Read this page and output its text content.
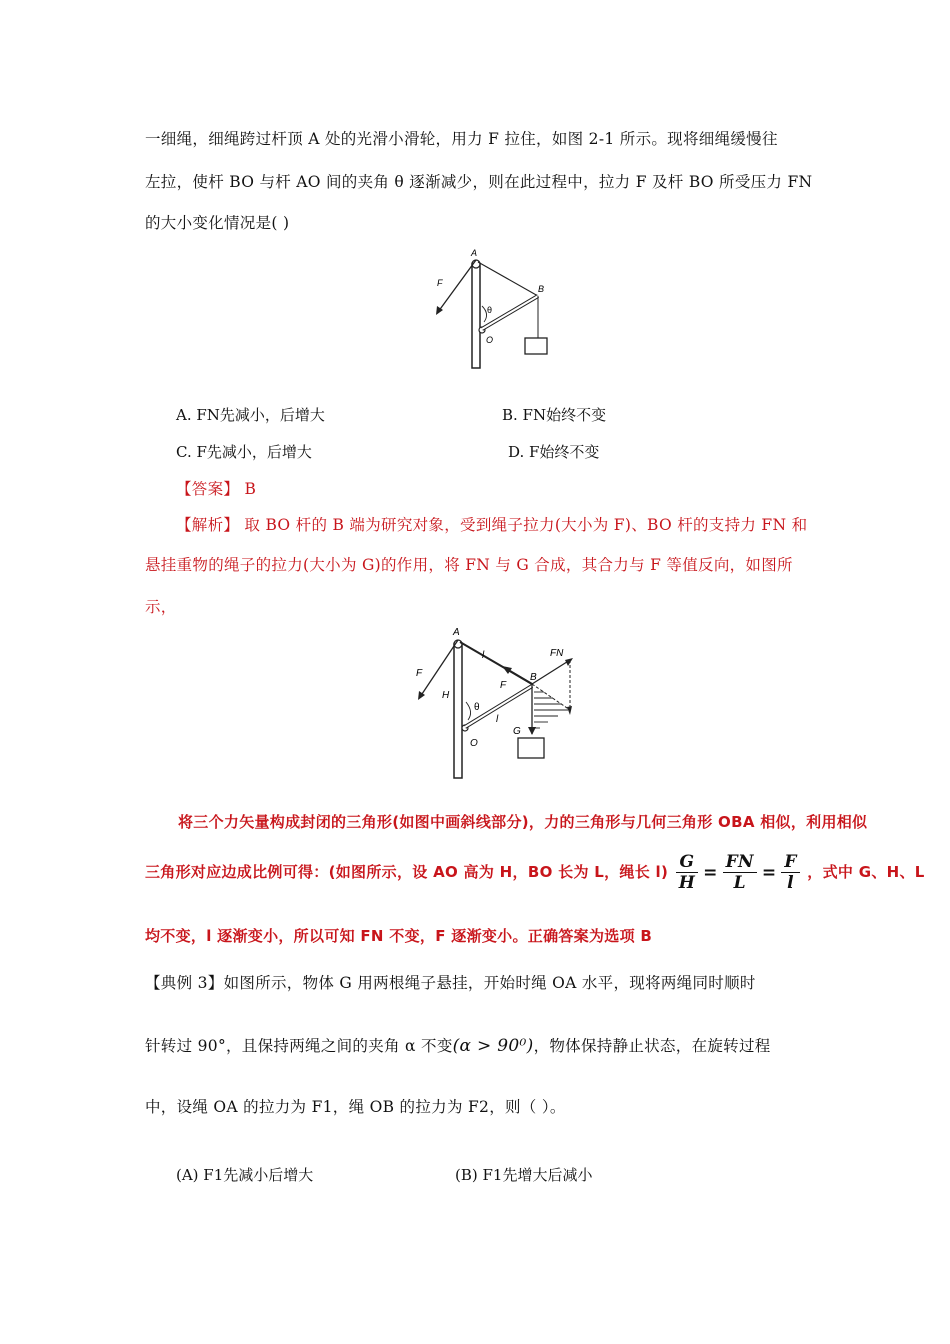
一细绳，细绳跨过杆顶 A 处的光滑小滑轮，用力 F 拉住，如图 2-1 所示。现将细绳缓慢往
左拉，使杆 BO 与杆 AO 间的夹角 θ 逐渐减少，则在此过程中，拉力 F 及杆 BO 所受压力 FN
的大小变化情况是( )
A
B
F
O
θ
A. FN先减小，后增大	B. FN始终不变
C. F先减小，后增大	D. F始终不变
【答案】 B
【解析】 取 BO 杆的 B 端为研究对象，受到绳子拉力(大小为 F)、BO 杆的支持力 FN 和
悬挂重物的绳子的拉力(大小为 G)的作用，将 FN 与 G 合成，其合力与 F 等值反向，如图所
示，
A
B
F
F
FN
G
H
l
l
O
θ
将三个力矢量构成封闭的三角形(如图中画斜线部分)，力的三角形与几何三角形 OBA 相似，利用相似
三角形对应边成比例可得：(如图所示，设 AO 高为 H，BO 长为 L，绳长 $l) \frac{G}{H} = \frac{FN}{L} = \frac{F}{l}$ ，式中 G、H、L
均不变，l 逐渐变小，所以可知 FN 不变，F 逐渐变小。正确答案为选项 B
【典例 3】如图所示，物体 G 用两根绳子悬挂，开始时绳 OA 水平，现将两绳同时顺时
针转过 90°，且保持两绳之间的夹角 α 不变(α > 90⁰)，物体保持静止状态，在旋转过程
中，设绳 OA 的拉力为 F1，绳 OB 的拉力为 F2，则（ ）。
(A) F1先减小后增大	(B) F1先增大后减小
